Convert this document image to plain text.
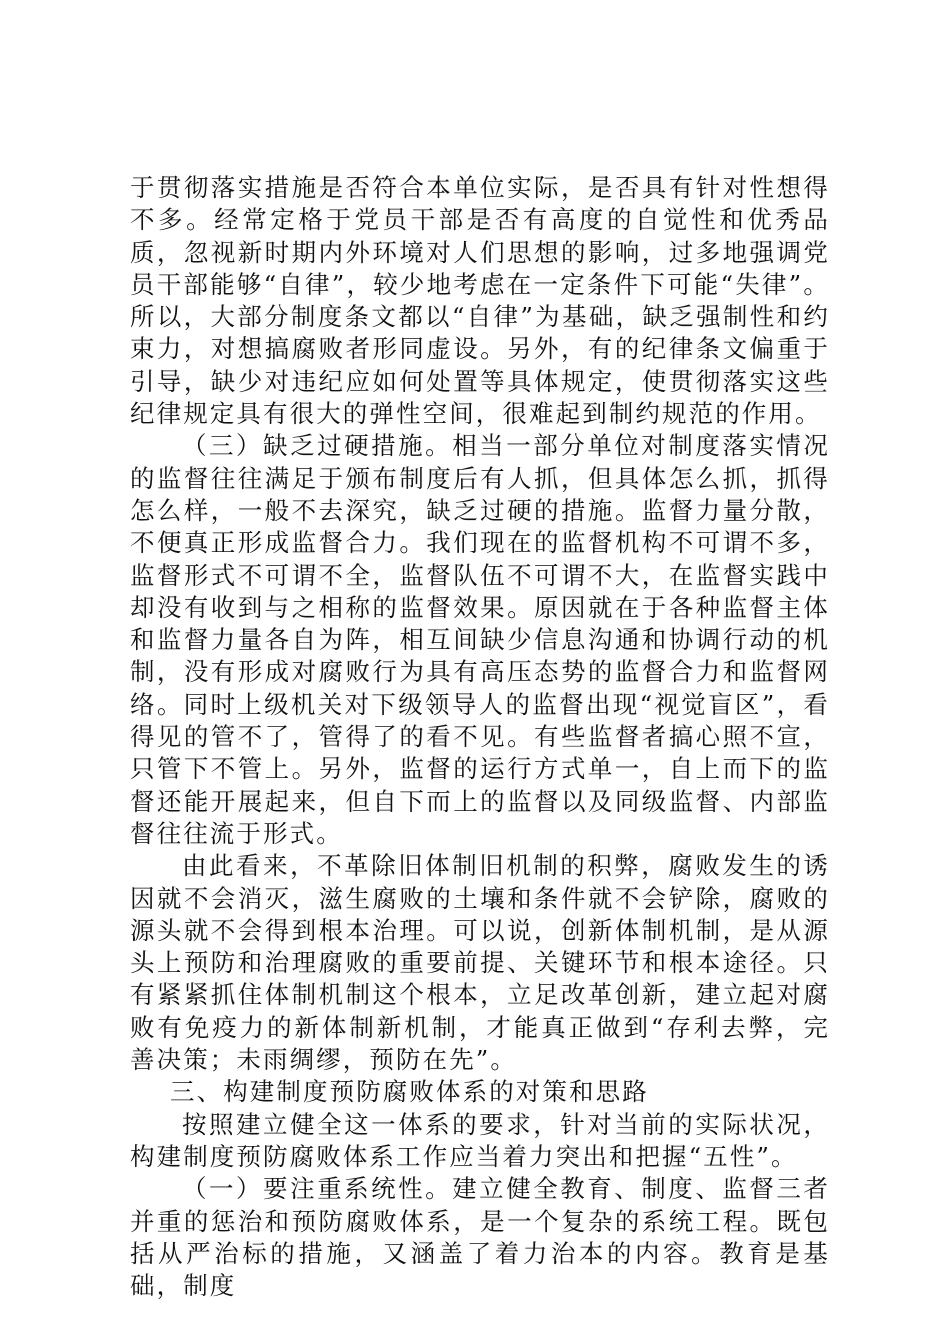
于贯彻落实措施是否符合本单位实际，是否具有针对性想得不多。经常定格于党员干部是否有高度的自觉性和优秀品质，忽视新时期内外环境对人们思想的影响，过多地强调党员干部能够“自律”，较少地考虑在一定条件下可能“失律”。所以，大部分制度条文都以“自律”为基础，缺乏强制性和约束力，对想搞腐败者形同虚设。另外，有的纪律条文偏重于引导，缺少对违纪应如何处置等具体规定，使贯彻落实这些纪律规定具有很大的弹性空间，很难起到制约规范的作用。

（三）缺乏过硬措施。相当一部分单位对制度落实情况的监督往往满足于颁布制度后有人抓，但具体怎么抓，抓得怎么样，一般不去深究，缺乏过硬的措施。监督力量分散，不便真正形成监督合力。我们现在的监督机构不可谓不多，监督形式不可谓不全，监督队伍不可谓不大，在监督实践中却没有收到与之相称的监督效果。原因就在于各种监督主体和监督力量各自为阵，相互间缺少信息沟通和协调行动的机制，没有形成对腐败行为具有高压态势的监督合力和监督网络。同时上级机关对下级领导人的监督出现“视觉盲区”，看得见的管不了，管得了的看不见。有些监督者搞心照不宣，只管下不管上。另外，监督的运行方式单一，自上而下的监督还能开展起来，但自下而上的监督以及同级监督、内部监督往往流于形式。

由此看来，不革除旧体制旧机制的积弊，腐败发生的诱因就不会消灭，滋生腐败的土壤和条件就不会铲除，腐败的源头就不会得到根本治理。可以说，创新体制机制，是从源头上预防和治理腐败的重要前提、关键环节和根本途径。只有紧紧抓住体制机制这个根本，立足改革创新，建立起对腐败有免疫力的新体制新机制，才能真正做到“存利去弊，完善决策；未雨绸缪，预防在先”。

三、构建制度预防腐败体系的对策和思路

按照建立健全这一体系的要求，针对当前的实际状况，构建制度预防腐败体系工作应当着力突出和把握“五性”。

（一）要注重系统性。建立健全教育、制度、监督三者并重的惩治和预防腐败体系，是一个复杂的系统工程。既包括从严治标的措施，又涵盖了着力治本的内容。教育是基础，制度
